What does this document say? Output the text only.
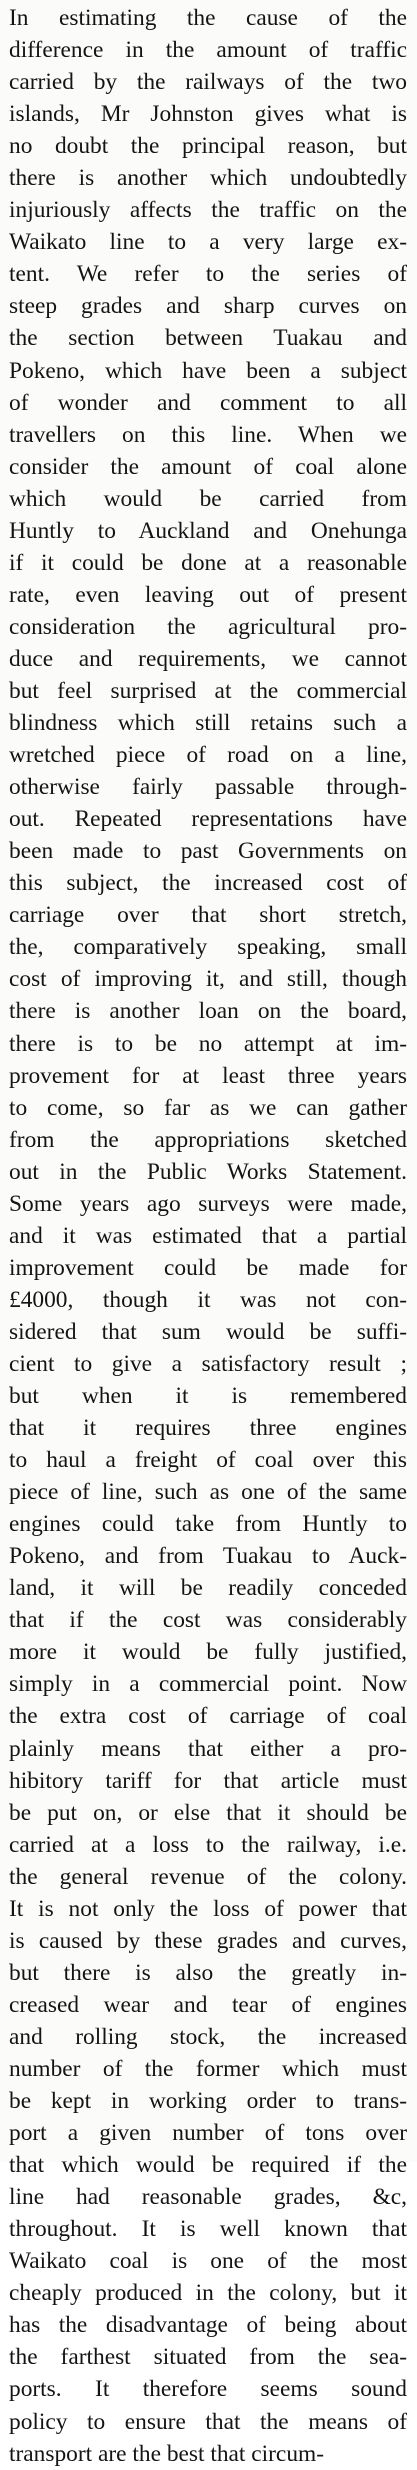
In estimating the cause of the
difference in the amount of traffic
carried by the railways of the two
islands, Mr Johnston gives what is
no doubt the principal reason, but
there is another which undoubtedly
injuriously affects the traffic on the
Waikato line to a very large ex-
tent. We refer to the series of
steep grades and sharp curves on
the section between Tuakau and
Pokeno, which have been a subject
of wonder and comment to all
travellers on this line. When we
consider the amount of coal alone
which would be carried from
Huntly to Auckland and Onehunga
if it could be done at a reasonable
rate, even leaving out of present
consideration the agricultural pro-
duce and requirements, we cannot
but feel surprised at the commercial
blindness which still retains such a
wretched piece of road on a line,
otherwise fairly passable through-
out. Repeated representations have
been made to past Governments on
this subject, the increased cost of
carriage over that short stretch,
the, comparatively speaking, small
cost of improving it, and still, though
there is another loan on the board,
there is to be no attempt at im-
provement for at least three years
to come, so far as we can gather
from the appropriations sketched
out in the Public Works Statement.
Some years ago surveys were made,
and it was estimated that a partial
improvement could be made for
£4000, though it was not con-
sidered that sum would be suffi-
cient to give a satisfactory result ;
but when it is remembered
that it requires three engines
to haul a freight of coal over this
piece of line, such as one of the same
engines could take from Huntly to
Pokeno, and from Tuakau to Auck-
land, it will be readily conceded
that if the cost was considerably
more it would be fully justified,
simply in a commercial point. Now
the extra cost of carriage of coal
plainly means that either a pro-
hibitory tariff for that article must
be put on, or else that it should be
carried at a loss to the railway, i.e.
the general revenue of the colony.
It is not only the loss of power that
is caused by these grades and curves,
but there is also the greatly in-
creased wear and tear of engines
and rolling stock, the increased
number of the former which must
be kept in working order to trans-
port a given number of tons over
that which would be required if the
line had reasonable grades, &c,
throughout. It is well known that
Waikato coal is one of the most
cheaply produced in the colony, but it
has the disadvantage of being about
the farthest situated from the sea-
ports. It therefore seems sound
policy to ensure that the means of
transport are the best that circum-
